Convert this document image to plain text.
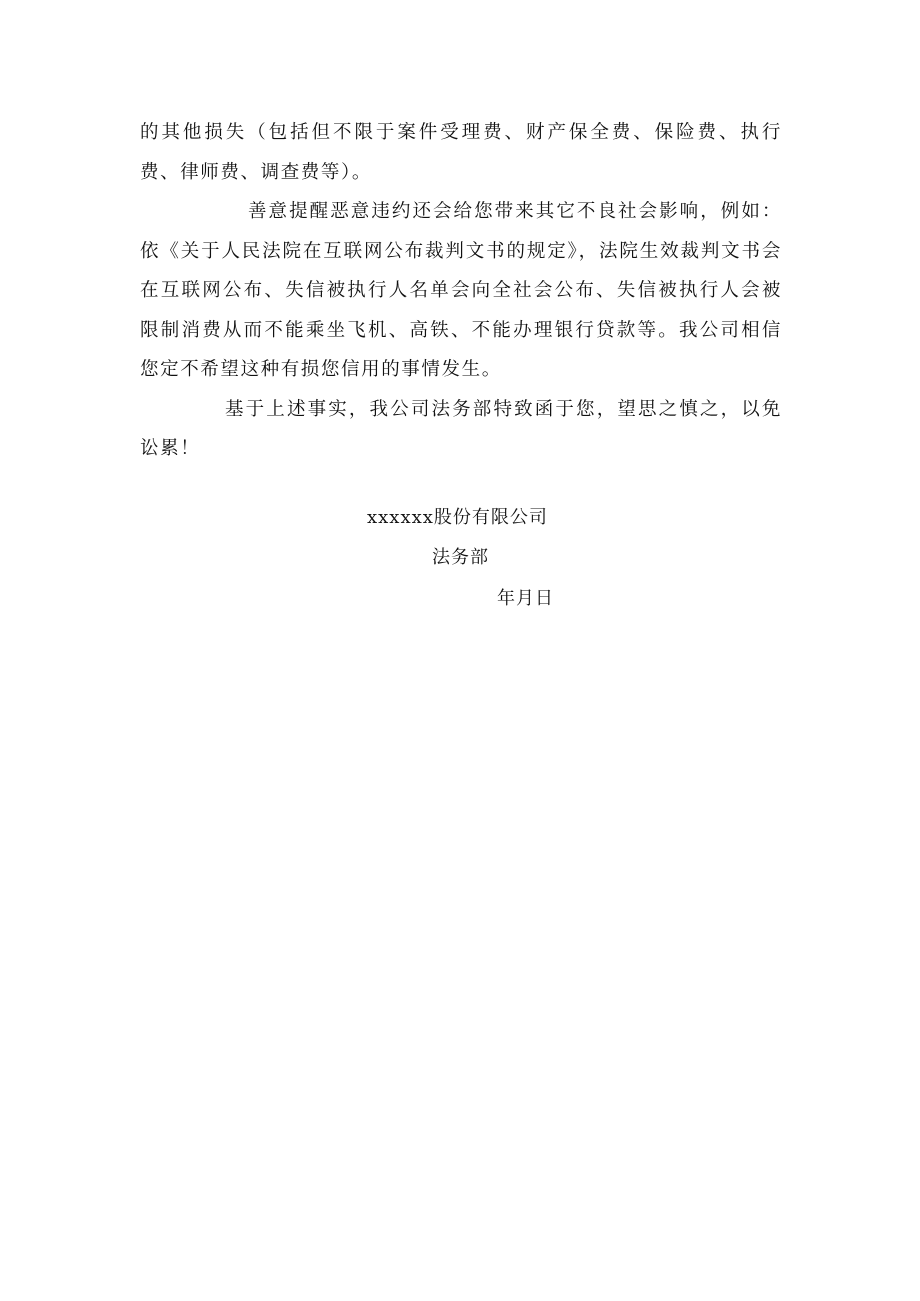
的其他损失（包括但不限于案件受理费、财产保全费、保险费、执行费、律师费、调查费等）。

善意提醒恶意违约还会给您带来其它不良社会影响，例如：依《关于人民法院在互联网公布裁判文书的规定》，法院生效裁判文书会在互联网公布、失信被执行人名单会向全社会公布、失信被执行人会被限制消费从而不能乘坐飞机、高铁、不能办理银行贷款等。我公司相信您定不希望这种有损您信用的事情发生。

基于上述事实，我公司法务部特致函于您，望思之慎之，以免讼累！

xxxxxx股份有限公司
法务部
年月日
